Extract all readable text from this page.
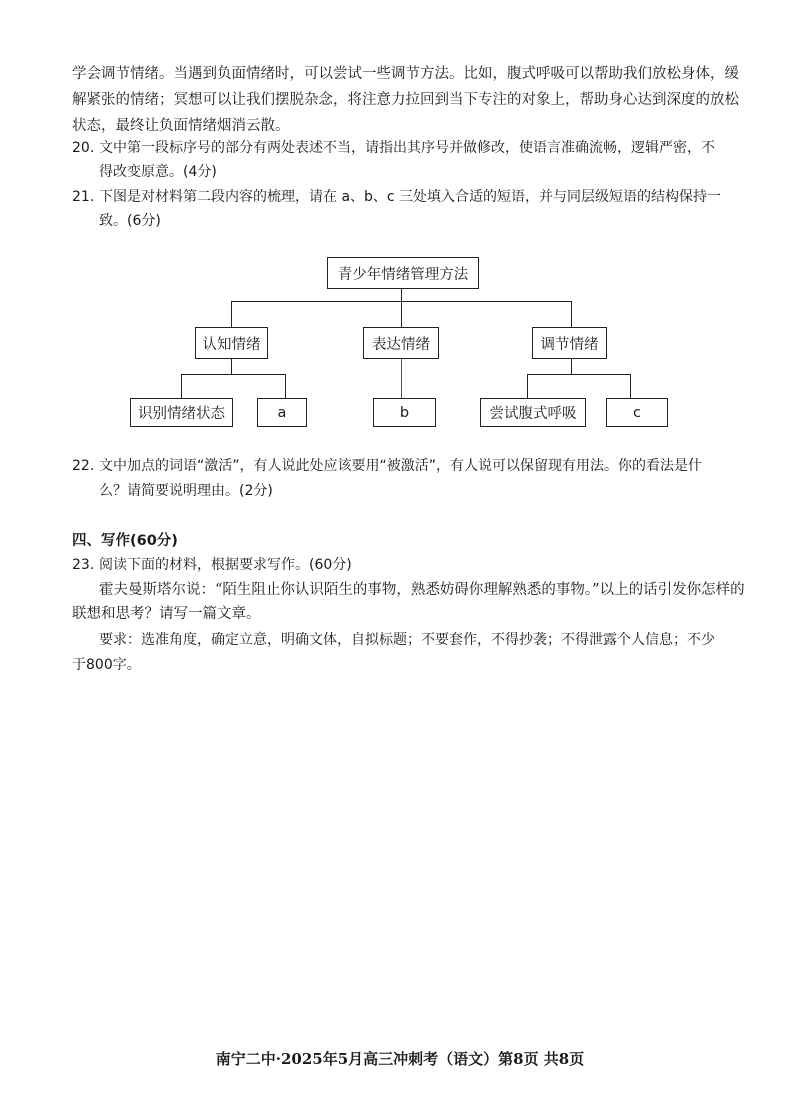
学会调节情绪。当遇到负面情绪时，可以尝试一些调节方法。比如，腹式呼吸可以帮助我们放松身体，缓
解紧张的情绪；冥想可以让我们摆脱杂念，将注意力拉回到当下专注的对象上，帮助身心达到深度的放松
状态，最终让负面情绪烟消云散。
20. 文中第一段标序号的部分有两处表述不当，请指出其序号并做修改，使语言准确流畅，逻辑严密，不
得改变原意。(4分)
21. 下图是对材料第二段内容的梳理，请在 a、b、c 三处填入合适的短语，并与同层级短语的结构保持一
致。(6分)
青少年情绪管理方法
认知情绪	表达情绪	调节情绪
识别情绪状态	a	b	尝试腹式呼吸	c
22. 文中加点的词语“激活”，有人说此处应该要用“被激活”，有人说可以保留现有用法。你的看法是什
么？请简要说明理由。(2分)
四、写作(60分)
23. 阅读下面的材料，根据要求写作。(60分)
霍夫曼斯塔尔说：“陌生阻止你认识陌生的事物，熟悉妨碍你理解熟悉的事物。”以上的话引发你怎样的
联想和思考？请写一篇文章。
要求：选准角度，确定立意，明确文体，自拟标题；不要套作，不得抄袭；不得泄露个人信息；不少
于800字。
南宁二中·2025年5月高三冲刺考（语文）第8页 共8页
